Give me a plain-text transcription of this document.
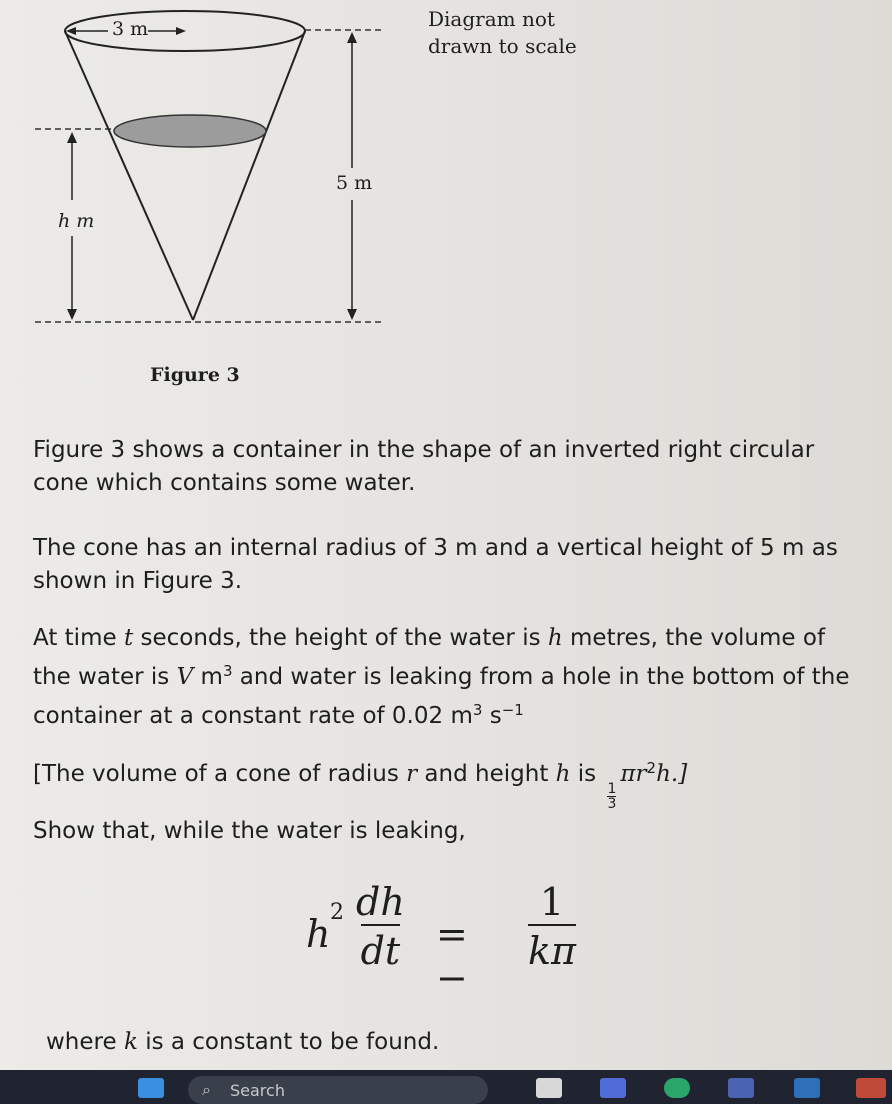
3 m
5 m
h m
Diagram not
drawn to scale
Figure 3

Figure 3 shows a container in the shape of an inverted right circular cone which contains some water.

The cone has an internal radius of 3 m and a vertical height of 5 m as shown in Figure 3.

At time t seconds, the height of the water is h metres, the volume of the water is V $m^3$ and water is leaking from a hole in the bottom of the container at a constant rate of 0.02 $m^3$ $s^{-1}$

[The volume of a cone of radius r and height h is
$\frac{1}{3}$
$\pi r^2h$.]

Show that, while the water is leaking,

h $2 \frac{dh}{dt}$ = −
$\frac{1}{k\pi}$

where k is a constant to be found.

⌕ Search
